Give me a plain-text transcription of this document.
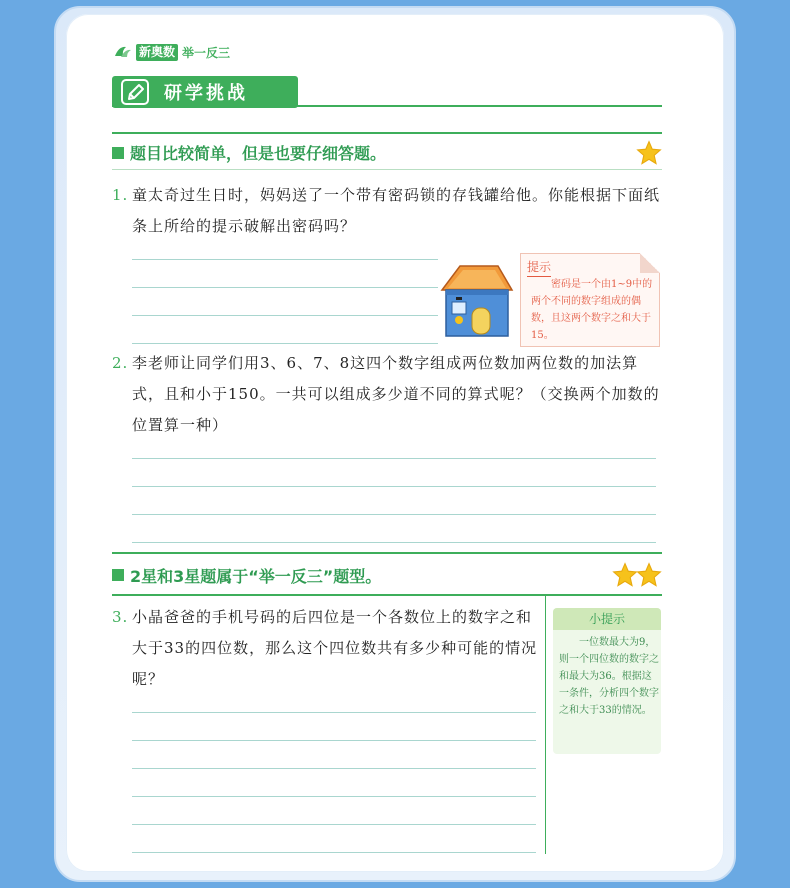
新奥数 举一反三
研学挑战
题目比较简单，但是也要仔细答题。
1. 童太奇过生日时，妈妈送了一个带有密码锁的存钱罐给他。你能根据下面纸条上所给的提示破解出密码吗？
提示
密码是一个由1~9中的两个不同的数字组成的偶数，且这两个数字之和大于15。
2. 李老师让同学们用3、6、7、8这四个数字组成两位数加两位数的加法算式，且和小于150。一共可以组成多少道不同的算式呢？（交换两个加数的位置算一种）
2星和3星题属于“举一反三”题型。
3. 小晶爸爸的手机号码的后四位是一个各数位上的数字之和大于33的四位数，那么这个四位数共有多少种可能的情况呢？
小提示
一位数最大为9，则一个四位数的数字之和最大为36。根据这一条件，分析四个数字之和大于33的情况。
